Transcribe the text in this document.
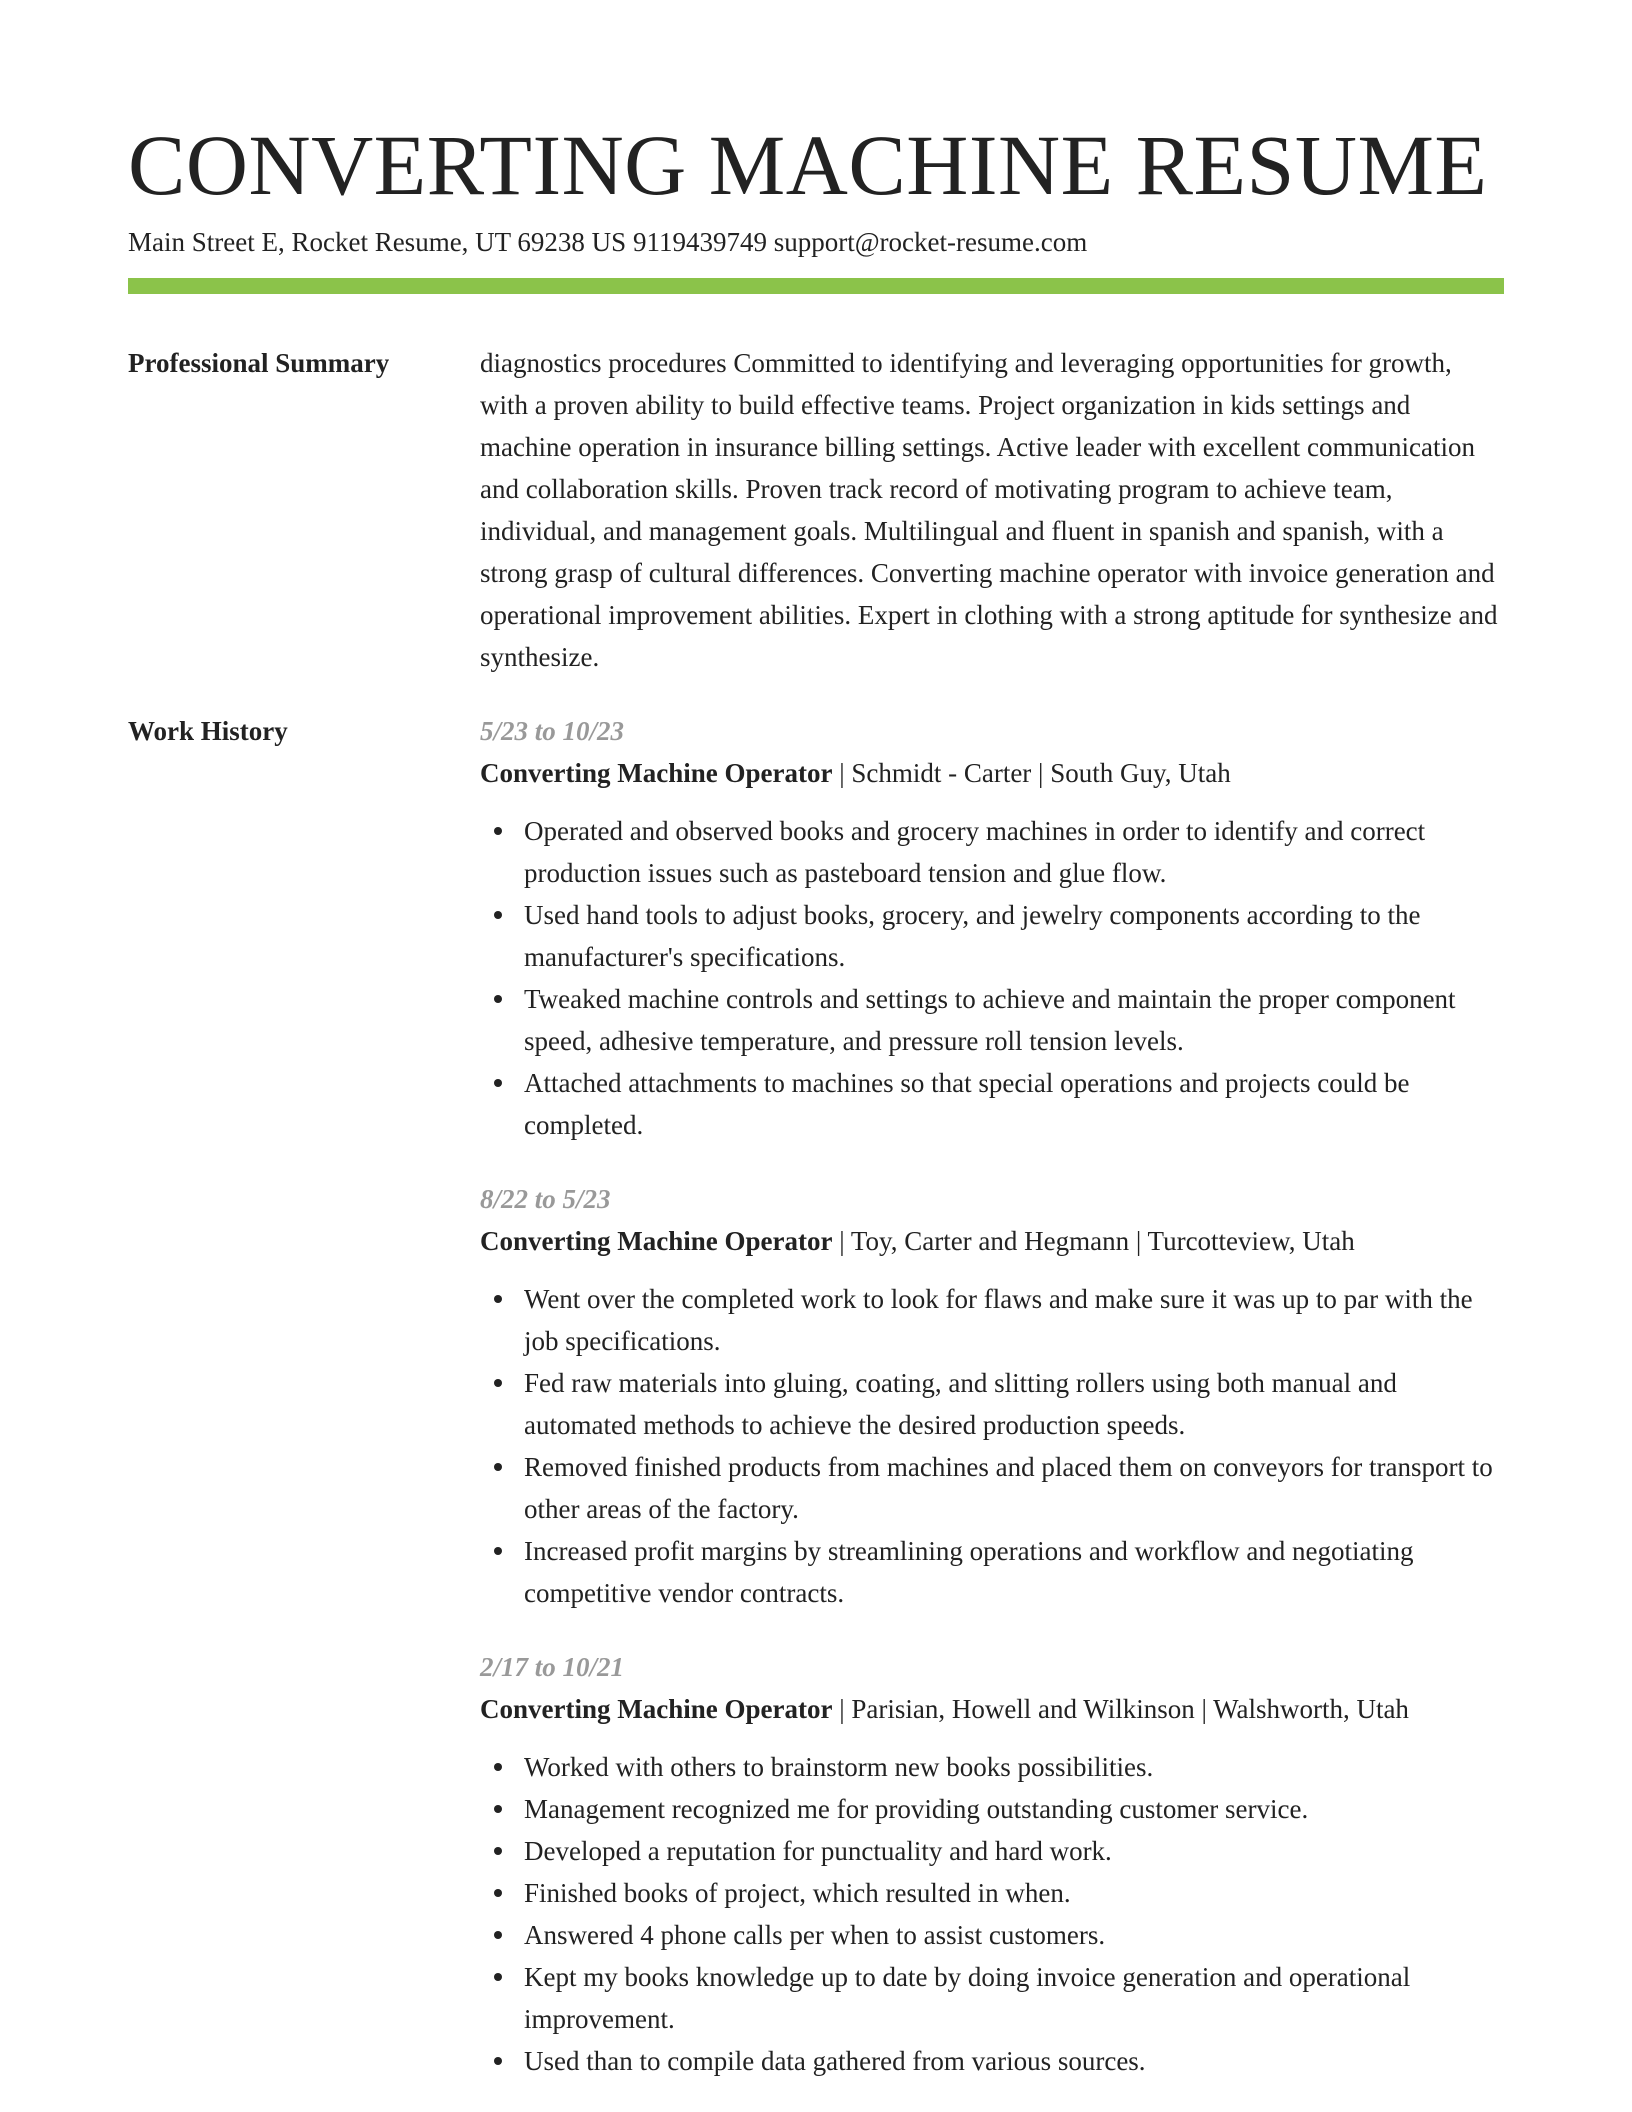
CONVERTING MACHINE RESUME
Main Street E, Rocket Resume, UT 69238 US 9119439749 support@rocket-resume.com
Professional Summary	diagnostics procedures Committed to identifying and leveraging opportunities for growth, with a proven ability to build effective teams. Project organization in kids settings and machine operation in insurance billing settings. Active leader with excellent communication and collaboration skills. Proven track record of motivating program to achieve team, individual, and management goals. Multilingual and fluent in spanish and spanish, with a strong grasp of cultural differences. Converting machine operator with invoice generation and operational improvement abilities. Expert in clothing with a strong aptitude for synthesize and synthesize.

Work History	5/23 to 10/23
Converting Machine Operator | Schmidt - Carter | South Guy, Utah
Operated and observed books and grocery machines in order to identify and correct production issues such as pasteboard tension and glue flow.
Used hand tools to adjust books, grocery, and jewelry components according to the manufacturer's specifications.
Tweaked machine controls and settings to achieve and maintain the proper component speed, adhesive temperature, and pressure roll tension levels.
Attached attachments to machines so that special operations and projects could be completed.
8/22 to 5/23
Converting Machine Operator | Toy, Carter and Hegmann | Turcotteview, Utah
Went over the completed work to look for flaws and make sure it was up to par with the job specifications.
Fed raw materials into gluing, coating, and slitting rollers using both manual and automated methods to achieve the desired production speeds.
Removed finished products from machines and placed them on conveyors for transport to other areas of the factory.
Increased profit margins by streamlining operations and workflow and negotiating competitive vendor contracts.
2/17 to 10/21
Converting Machine Operator | Parisian, Howell and Wilkinson | Walshworth, Utah
Worked with others to brainstorm new books possibilities.
Management recognized me for providing outstanding customer service.
Developed a reputation for punctuality and hard work.
Finished books of project, which resulted in when.
Answered 4 phone calls per when to assist customers.
Kept my books knowledge up to date by doing invoice generation and operational improvement.
Used than to compile data gathered from various sources.
